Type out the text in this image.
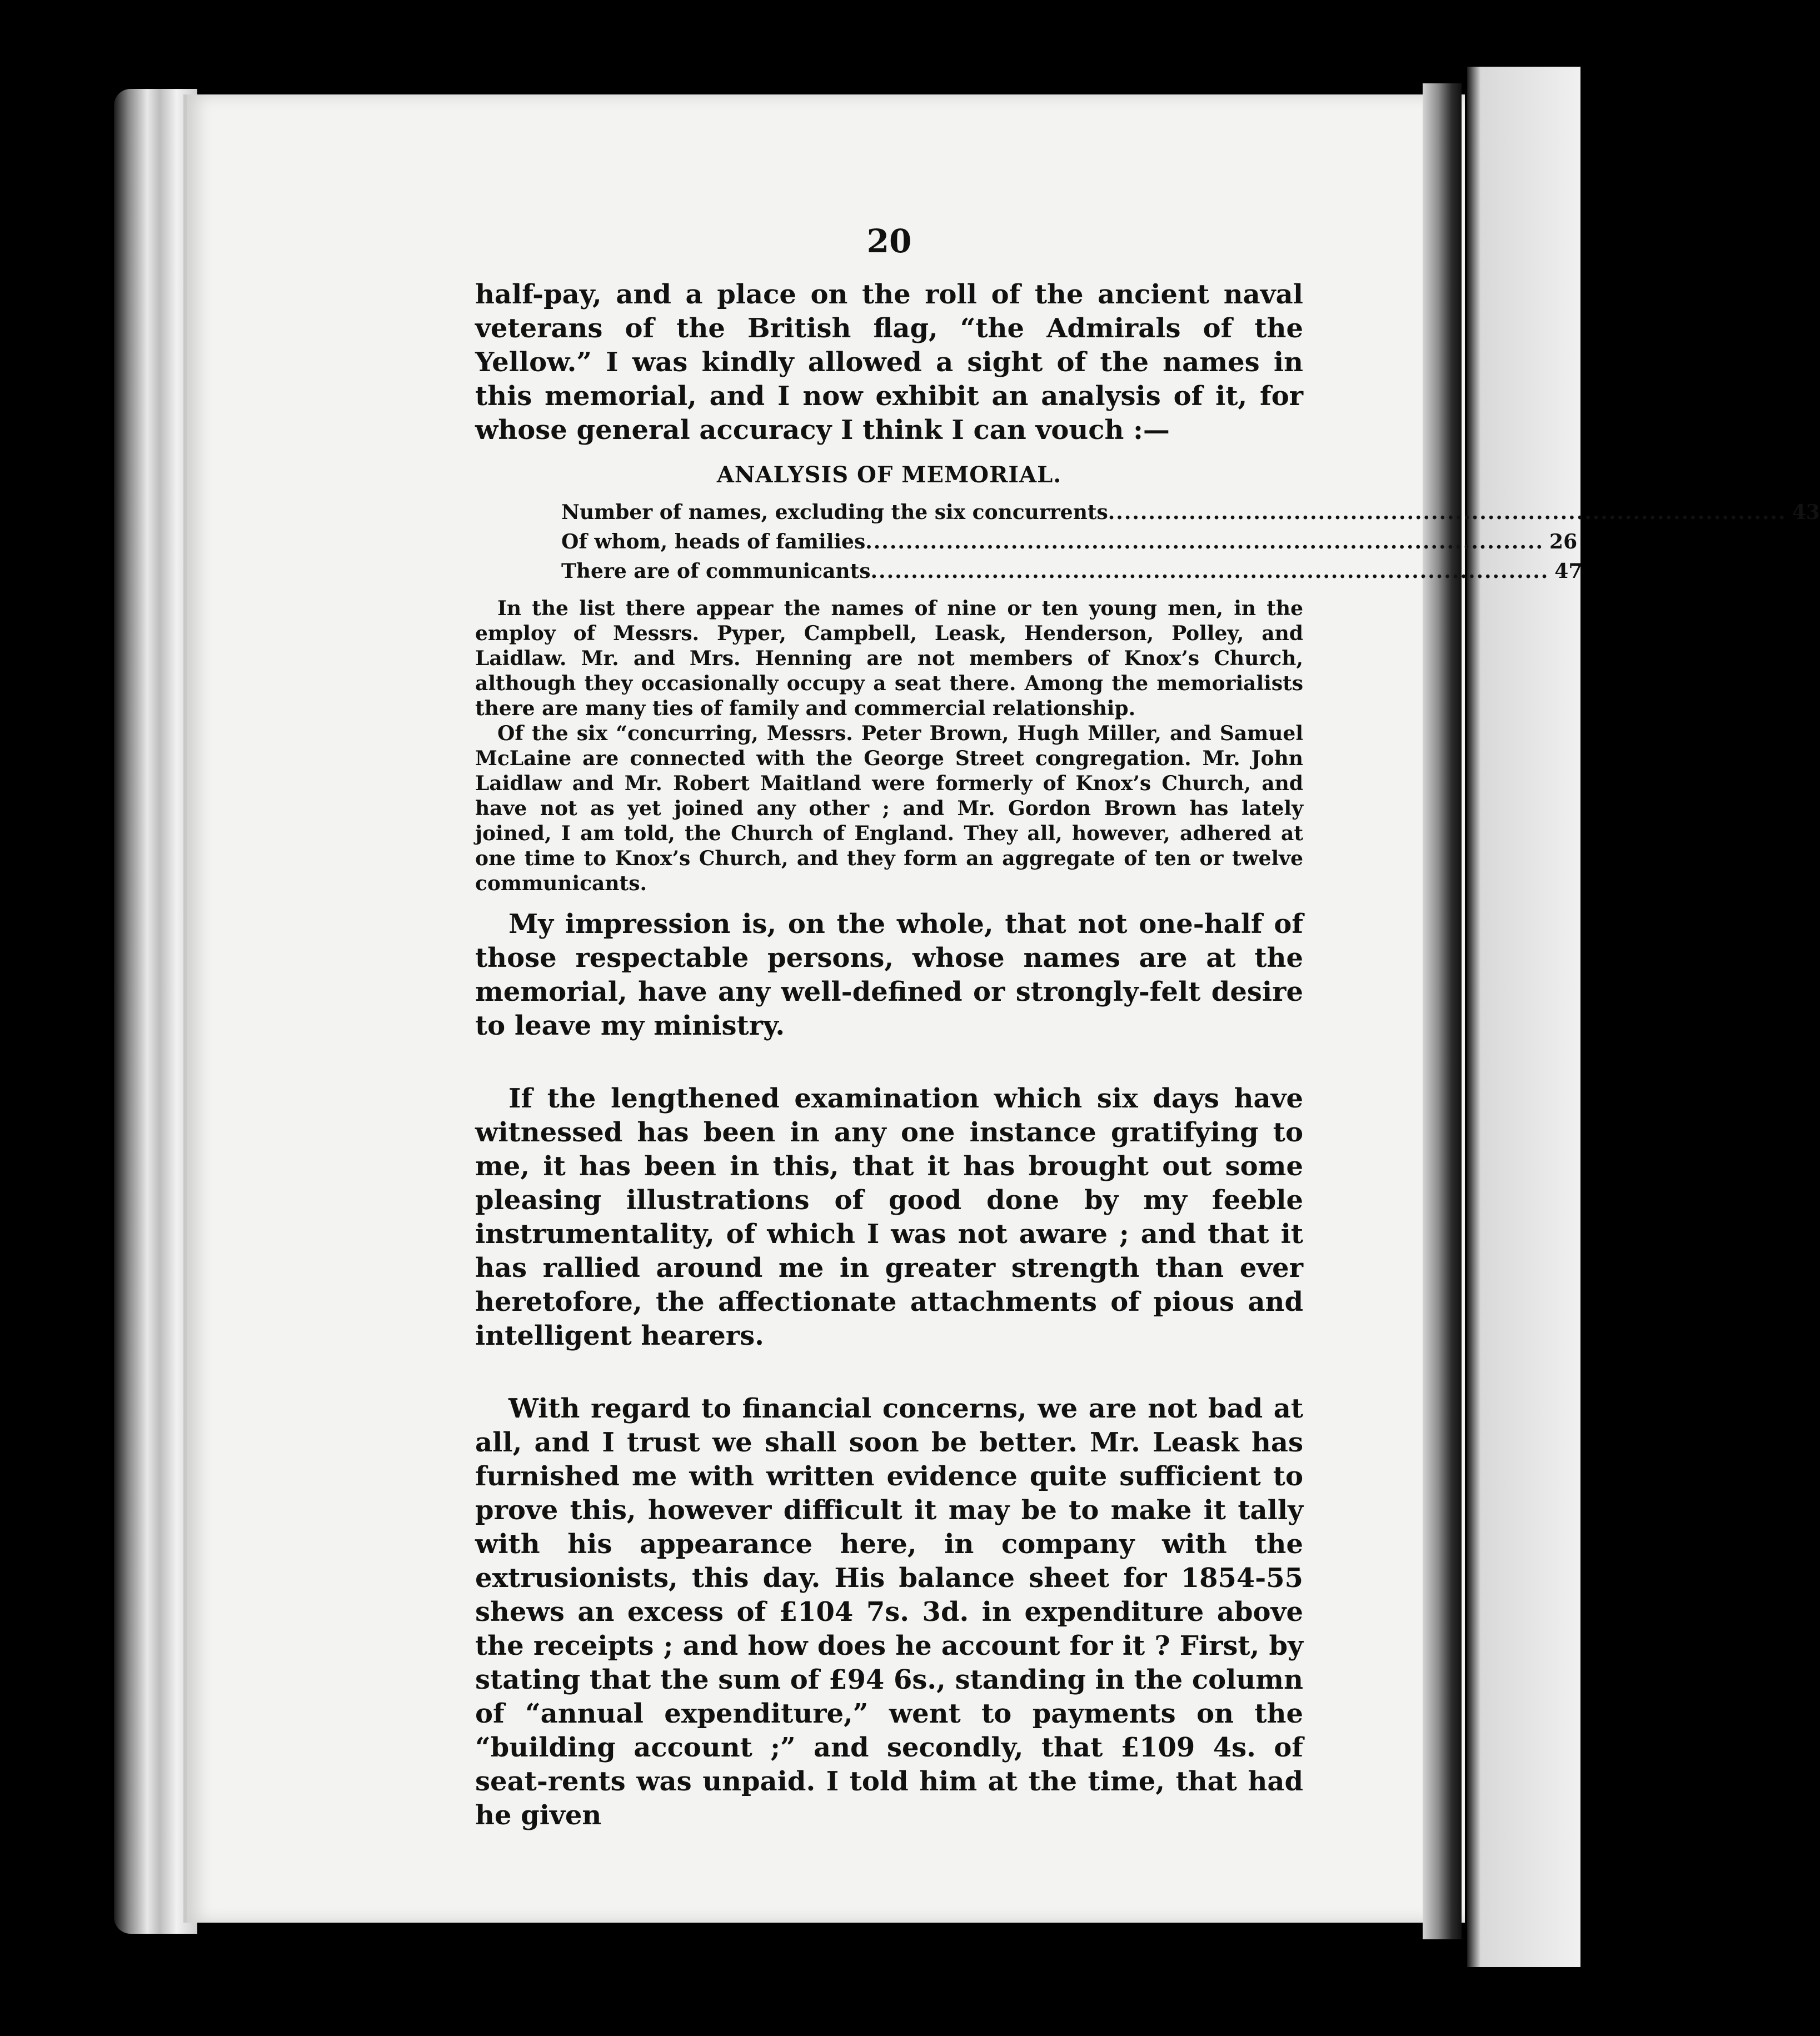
20

half-pay, and a place on the roll of the ancient naval veterans of the British flag, “the Admirals of the Yellow.” I was kindly allowed a sight of the names in this memorial, and I now exhibit an analysis of it, for whose general accuracy I think I can vouch :—

ANALYSIS OF MEMORIAL.
Number of names, excluding the six concurrents .................................................................................... 43
Of whom, heads of families .................................................................................... 26
There are of communicants .................................................................................... 47

In the list there appear the names of nine or ten young men, in the employ of Messrs. Pyper, Campbell, Leask, Henderson, Polley, and Laidlaw. Mr. and Mrs. Henning are not members of Knox’s Church, although they occasionally occupy a seat there. Among the memorialists there are many ties of family and commercial relationship.

Of the six “concurring, Messrs. Peter Brown, Hugh Miller, and Samuel McLaine are connected with the George Street congregation. Mr. John Laidlaw and Mr. Robert Maitland were formerly of Knox’s Church, and have not as yet joined any other ; and Mr. Gordon Brown has lately joined, I am told, the Church of England. They all, however, adhered at one time to Knox’s Church, and they form an aggregate of ten or twelve communicants.

My impression is, on the whole, that not one-half of those respectable persons, whose names are at the memorial, have any well-defined or strongly-felt desire to leave my ministry.

If the lengthened examination which six days have witnessed has been in any one instance gratifying to me, it has been in this, that it has brought out some pleasing illustrations of good done by my feeble instrumentality, of which I was not aware ; and that it has rallied around me in greater strength than ever heretofore, the affectionate attachments of pious and intelligent hearers.

With regard to financial concerns, we are not bad at all, and I trust we shall soon be better. Mr. Leask has furnished me with written evidence quite sufficient to prove this, however difficult it may be to make it tally with his appearance here, in company with the extrusionists, this day. His balance sheet for 1854-55 shews an excess of £104 7s. 3d. in expenditure above the receipts ; and how does he account for it ? First, by stating that the sum of £94 6s., standing in the column of “annual expenditure,” went to payments on the “building account ;” and secondly, that £109 4s. of seat-rents was unpaid. I told him at the time, that had he given
